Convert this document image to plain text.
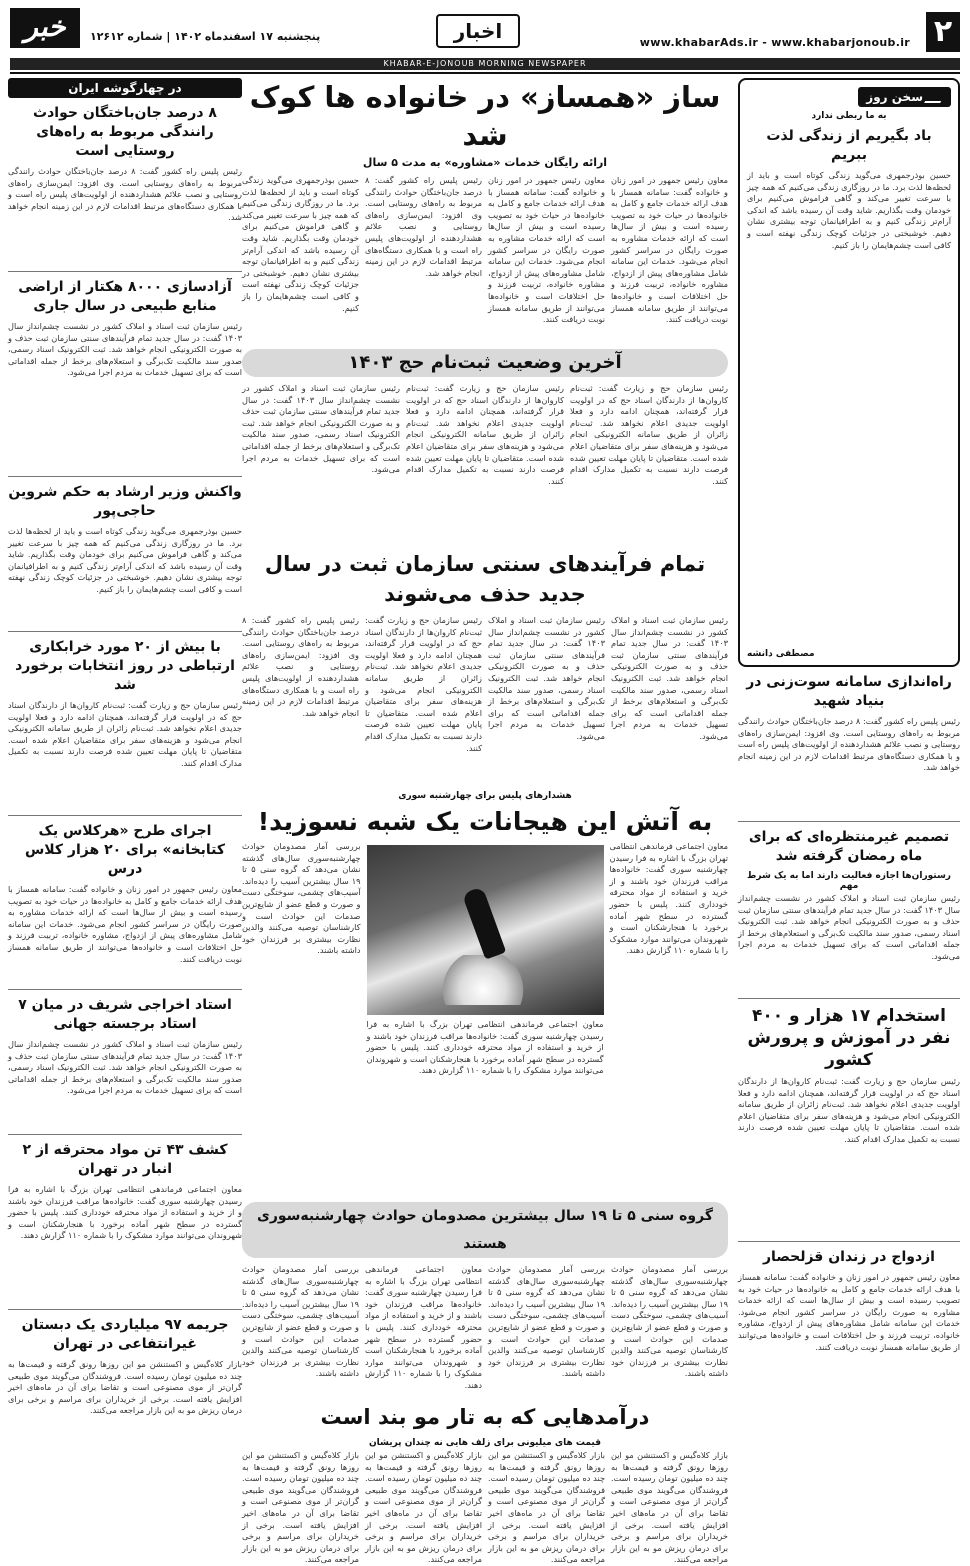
۲
www.khabarAds.ir - www.khabarjonoub.ir
اخبار
پنجشنبه ۱۷ اسفندماه ۱۴۰۲ | شماره ۱۲۶۱۲
خبر
KHABAR-E-JONOUB MORNING NEWSPAPER
سخن روز
به ما ربطی ندارد
باد بگیریم از زندگی لذت ببریم
حسین بوذرجمهری می‌گوید زندگی کوتاه است و باید از لحظه‌ها لذت برد. ما در روزگاری زندگی می‌کنیم که همه چیز با سرعت تغییر می‌کند و گاهی فراموش می‌کنیم برای خودمان وقت بگذاریم. شاید وقت آن رسیده باشد که اندکی آرام‌تر زندگی کنیم و به اطرافیانمان توجه بیشتری نشان دهیم. خوشبختی در جزئیات کوچک زندگی نهفته است و کافی است چشم‌هایمان را باز کنیم.
مصطفی دانشه
راه‌اندازی سامانه سوت‌زنی در بنیاد شهید
رئیس پلیس راه کشور گفت: ۸ درصد جان‌باختگان حوادث رانندگی مربوط به راه‌های روستایی است. وی افزود: ایمن‌سازی راه‌های روستایی و نصب علائم هشداردهنده از اولویت‌های پلیس راه است و با همکاری دستگاه‌های مرتبط اقدامات لازم در این زمینه انجام خواهد شد.
تصمیم غیرمنتظره‌ای که برای ماه رمضان گرفته شد
رستوران‌ها اجازه فعالیت دارند اما به یک شرط مهم
رئیس سازمان ثبت اسناد و املاک کشور در نشست چشم‌انداز سال ۱۴۰۳ گفت: در سال جدید تمام فرآیندهای سنتی سازمان ثبت حذف و به صورت الکترونیکی انجام خواهد شد. ثبت الکترونیک اسناد رسمی، صدور سند مالکیت تک‌برگی و استعلام‌های برخط از جمله اقداماتی است که برای تسهیل خدمات به مردم اجرا می‌شود.
استخدام ۱۷ هزار و ۴۰۰ نفر در آموزش و پرورش کشور
رئیس سازمان حج و زیارت گفت: ثبت‌نام کاروان‌ها از دارندگان اسناد حج که در اولویت قرار گرفته‌اند، همچنان ادامه دارد و فعلا اولویت جدیدی اعلام نخواهد شد. ثبت‌نام زائران از طریق سامانه الکترونیکی انجام می‌شود و هزینه‌های سفر برای متقاضیان اعلام شده است. متقاضیان تا پایان مهلت تعیین شده فرصت دارند نسبت به تکمیل مدارک اقدام کنند.
ازدواج در زندان قزلحصار
معاون رئیس جمهور در امور زنان و خانواده گفت: سامانه همساز با هدف ارائه خدمات جامع و کامل به خانواده‌ها در حیات خود به تصویب رسیده است و بیش از سال‌ها است که ارائه خدمات مشاوره به صورت رایگان در سراسر کشور انجام می‌شود. خدمات این سامانه شامل مشاوره‌های پیش از ازدواج، مشاوره خانواده، تربیت فرزند و حل اختلافات است و خانواده‌ها می‌توانند از طریق سامانه همساز نوبت دریافت کنند.
ساز «همساز» در خانواده ها کوک شد
ارائه رایگان خدمات «مشاوره» به مدت ۵ سال
معاون رئیس جمهور در امور زنان و خانواده گفت: سامانه همساز با هدف ارائه خدمات جامع و کامل به خانواده‌ها در حیات خود به تصویب رسیده است و بیش از سال‌ها است که ارائه خدمات مشاوره به صورت رایگان در سراسر کشور انجام می‌شود. خدمات این سامانه شامل مشاوره‌های پیش از ازدواج، مشاوره خانواده، تربیت فرزند و حل اختلافات است و خانواده‌ها می‌توانند از طریق سامانه همساز نوبت دریافت کنند.
معاون رئیس جمهور در امور زنان و خانواده گفت: سامانه همساز با هدف ارائه خدمات جامع و کامل به خانواده‌ها در حیات خود به تصویب رسیده است و بیش از سال‌ها است که ارائه خدمات مشاوره به صورت رایگان در سراسر کشور انجام می‌شود. خدمات این سامانه شامل مشاوره‌های پیش از ازدواج، مشاوره خانواده، تربیت فرزند و حل اختلافات است و خانواده‌ها می‌توانند از طریق سامانه همساز نوبت دریافت کنند.
رئیس پلیس راه کشور گفت: ۸ درصد جان‌باختگان حوادث رانندگی مربوط به راه‌های روستایی است. وی افزود: ایمن‌سازی راه‌های روستایی و نصب علائم هشداردهنده از اولویت‌های پلیس راه است و با همکاری دستگاه‌های مرتبط اقدامات لازم در این زمینه انجام خواهد شد.
حسین بوذرجمهری می‌گوید زندگی کوتاه است و باید از لحظه‌ها لذت برد. ما در روزگاری زندگی می‌کنیم که همه چیز با سرعت تغییر می‌کند و گاهی فراموش می‌کنیم برای خودمان وقت بگذاریم. شاید وقت آن رسیده باشد که اندکی آرام‌تر زندگی کنیم و به اطرافیانمان توجه بیشتری نشان دهیم. خوشبختی در جزئیات کوچک زندگی نهفته است و کافی است چشم‌هایمان را باز کنیم.
آخرین وضعیت ثبت‌نام حج ۱۴۰۳
رئیس سازمان حج و زیارت گفت: ثبت‌نام کاروان‌ها از دارندگان اسناد حج که در اولویت قرار گرفته‌اند، همچنان ادامه دارد و فعلا اولویت جدیدی اعلام نخواهد شد. ثبت‌نام زائران از طریق سامانه الکترونیکی انجام می‌شود و هزینه‌های سفر برای متقاضیان اعلام شده است. متقاضیان تا پایان مهلت تعیین شده فرصت دارند نسبت به تکمیل مدارک اقدام کنند.
رئیس سازمان حج و زیارت گفت: ثبت‌نام کاروان‌ها از دارندگان اسناد حج که در اولویت قرار گرفته‌اند، همچنان ادامه دارد و فعلا اولویت جدیدی اعلام نخواهد شد. ثبت‌نام زائران از طریق سامانه الکترونیکی انجام می‌شود و هزینه‌های سفر برای متقاضیان اعلام شده است. متقاضیان تا پایان مهلت تعیین شده فرصت دارند نسبت به تکمیل مدارک اقدام کنند.
رئیس سازمان ثبت اسناد و املاک کشور در نشست چشم‌انداز سال ۱۴۰۳ گفت: در سال جدید تمام فرآیندهای سنتی سازمان ثبت حذف و به صورت الکترونیکی انجام خواهد شد. ثبت الکترونیک اسناد رسمی، صدور سند مالکیت تک‌برگی و استعلام‌های برخط از جمله اقداماتی است که برای تسهیل خدمات به مردم اجرا می‌شود.
تمام فرآیندهای سنتی سازمان ثبت در سال جدید حذف می‌شوند
رئیس سازمان ثبت اسناد و املاک کشور در نشست چشم‌انداز سال ۱۴۰۳ گفت: در سال جدید تمام فرآیندهای سنتی سازمان ثبت حذف و به صورت الکترونیکی انجام خواهد شد. ثبت الکترونیک اسناد رسمی، صدور سند مالکیت تک‌برگی و استعلام‌های برخط از جمله اقداماتی است که برای تسهیل خدمات به مردم اجرا می‌شود.
رئیس سازمان ثبت اسناد و املاک کشور در نشست چشم‌انداز سال ۱۴۰۳ گفت: در سال جدید تمام فرآیندهای سنتی سازمان ثبت حذف و به صورت الکترونیکی انجام خواهد شد. ثبت الکترونیک اسناد رسمی، صدور سند مالکیت تک‌برگی و استعلام‌های برخط از جمله اقداماتی است که برای تسهیل خدمات به مردم اجرا می‌شود.
رئیس سازمان حج و زیارت گفت: ثبت‌نام کاروان‌ها از دارندگان اسناد حج که در اولویت قرار گرفته‌اند، همچنان ادامه دارد و فعلا اولویت جدیدی اعلام نخواهد شد. ثبت‌نام زائران از طریق سامانه الکترونیکی انجام می‌شود و هزینه‌های سفر برای متقاضیان اعلام شده است. متقاضیان تا پایان مهلت تعیین شده فرصت دارند نسبت به تکمیل مدارک اقدام کنند.
رئیس پلیس راه کشور گفت: ۸ درصد جان‌باختگان حوادث رانندگی مربوط به راه‌های روستایی است. وی افزود: ایمن‌سازی راه‌های روستایی و نصب علائم هشداردهنده از اولویت‌های پلیس راه است و با همکاری دستگاه‌های مرتبط اقدامات لازم در این زمینه انجام خواهد شد.
هشدارهای پلیس برای چهارشنبه سوری
به آتش این هیجانات یک شبه نسوزید!
معاون اجتماعی فرماندهی انتظامی تهران بزرگ با اشاره به فرا رسیدن چهارشنبه سوری گفت: خانواده‌ها مراقب فرزندان خود باشند و از خرید و استفاده از مواد محترقه خودداری کنند. پلیس با حضور گسترده در سطح شهر آماده برخورد با هنجارشکنان است و شهروندان می‌توانند موارد مشکوک را با شماره ۱۱۰ گزارش دهند.
معاون اجتماعی فرماندهی انتظامی تهران بزرگ با اشاره به فرا رسیدن چهارشنبه سوری گفت: خانواده‌ها مراقب فرزندان خود باشند و از خرید و استفاده از مواد محترقه خودداری کنند. پلیس با حضور گسترده در سطح شهر آماده برخورد با هنجارشکنان است و شهروندان می‌توانند موارد مشکوک را با شماره ۱۱۰ گزارش دهند.
بررسی آمار مصدومان حوادث چهارشنبه‌سوری سال‌های گذشته نشان می‌دهد که گروه سنی ۵ تا ۱۹ سال بیشترین آسیب را دیده‌اند. آسیب‌های چشمی، سوختگی دست و صورت و قطع عضو از شایع‌ترین صدمات این حوادث است و کارشناسان توصیه می‌کنند والدین نظارت بیشتری بر فرزندان خود داشته باشند.
گروه سنی ۵ تا ۱۹ سال بیشترین مصدومان حوادث چهارشنبه‌سوری هستند
بررسی آمار مصدومان حوادث چهارشنبه‌سوری سال‌های گذشته نشان می‌دهد که گروه سنی ۵ تا ۱۹ سال بیشترین آسیب را دیده‌اند. آسیب‌های چشمی، سوختگی دست و صورت و قطع عضو از شایع‌ترین صدمات این حوادث است و کارشناسان توصیه می‌کنند والدین نظارت بیشتری بر فرزندان خود داشته باشند.
بررسی آمار مصدومان حوادث چهارشنبه‌سوری سال‌های گذشته نشان می‌دهد که گروه سنی ۵ تا ۱۹ سال بیشترین آسیب را دیده‌اند. آسیب‌های چشمی، سوختگی دست و صورت و قطع عضو از شایع‌ترین صدمات این حوادث است و کارشناسان توصیه می‌کنند والدین نظارت بیشتری بر فرزندان خود داشته باشند.
معاون اجتماعی فرماندهی انتظامی تهران بزرگ با اشاره به فرا رسیدن چهارشنبه سوری گفت: خانواده‌ها مراقب فرزندان خود باشند و از خرید و استفاده از مواد محترقه خودداری کنند. پلیس با حضور گسترده در سطح شهر آماده برخورد با هنجارشکنان است و شهروندان می‌توانند موارد مشکوک را با شماره ۱۱۰ گزارش دهند.
بررسی آمار مصدومان حوادث چهارشنبه‌سوری سال‌های گذشته نشان می‌دهد که گروه سنی ۵ تا ۱۹ سال بیشترین آسیب را دیده‌اند. آسیب‌های چشمی، سوختگی دست و صورت و قطع عضو از شایع‌ترین صدمات این حوادث است و کارشناسان توصیه می‌کنند والدین نظارت بیشتری بر فرزندان خود داشته باشند.
درآمدهایی که به تار مو بند است
قیمت های میلیونی برای زلف هایی نه چندان پریشان
بازار کلاه‌گیس و اکستنشن مو این روزها رونق گرفته و قیمت‌ها به چند ده میلیون تومان رسیده است. فروشندگان می‌گویند موی طبیعی گران‌تر از موی مصنوعی است و تقاضا برای آن در ماه‌های اخیر افزایش یافته است. برخی از خریداران برای مراسم و برخی برای درمان ریزش مو به این بازار مراجعه می‌کنند.
بازار کلاه‌گیس و اکستنشن مو این روزها رونق گرفته و قیمت‌ها به چند ده میلیون تومان رسیده است. فروشندگان می‌گویند موی طبیعی گران‌تر از موی مصنوعی است و تقاضا برای آن در ماه‌های اخیر افزایش یافته است. برخی از خریداران برای مراسم و برخی برای درمان ریزش مو به این بازار مراجعه می‌کنند.
بازار کلاه‌گیس و اکستنشن مو این روزها رونق گرفته و قیمت‌ها به چند ده میلیون تومان رسیده است. فروشندگان می‌گویند موی طبیعی گران‌تر از موی مصنوعی است و تقاضا برای آن در ماه‌های اخیر افزایش یافته است. برخی از خریداران برای مراسم و برخی برای درمان ریزش مو به این بازار مراجعه می‌کنند.
بازار کلاه‌گیس و اکستنشن مو این روزها رونق گرفته و قیمت‌ها به چند ده میلیون تومان رسیده است. فروشندگان می‌گویند موی طبیعی گران‌تر از موی مصنوعی است و تقاضا برای آن در ماه‌های اخیر افزایش یافته است. برخی از خریداران برای مراسم و برخی برای درمان ریزش مو به این بازار مراجعه می‌کنند.
در چهارگوشه ایران
۸ درصد جان‌باختگان حوادث رانندگی مربوط به راه‌های روستایی است
رئیس پلیس راه کشور گفت: ۸ درصد جان‌باختگان حوادث رانندگی مربوط به راه‌های روستایی است. وی افزود: ایمن‌سازی راه‌های روستایی و نصب علائم هشداردهنده از اولویت‌های پلیس راه است و با همکاری دستگاه‌های مرتبط اقدامات لازم در این زمینه انجام خواهد شد.
آزادسازی ۸۰۰۰ هکتار از اراضی منابع طبیعی در سال جاری
رئیس سازمان ثبت اسناد و املاک کشور در نشست چشم‌انداز سال ۱۴۰۳ گفت: در سال جدید تمام فرآیندهای سنتی سازمان ثبت حذف و به صورت الکترونیکی انجام خواهد شد. ثبت الکترونیک اسناد رسمی، صدور سند مالکیت تک‌برگی و استعلام‌های برخط از جمله اقداماتی است که برای تسهیل خدمات به مردم اجرا می‌شود.
واکنش وزیر ارشاد به حکم شروین حاجی‌پور
حسین بوذرجمهری می‌گوید زندگی کوتاه است و باید از لحظه‌ها لذت برد. ما در روزگاری زندگی می‌کنیم که همه چیز با سرعت تغییر می‌کند و گاهی فراموش می‌کنیم برای خودمان وقت بگذاریم. شاید وقت آن رسیده باشد که اندکی آرام‌تر زندگی کنیم و به اطرافیانمان توجه بیشتری نشان دهیم. خوشبختی در جزئیات کوچک زندگی نهفته است و کافی است چشم‌هایمان را باز کنیم.
با بیش از ۲۰ مورد خرابکاری ارتباطی در روز انتخابات برخورد شد
رئیس سازمان حج و زیارت گفت: ثبت‌نام کاروان‌ها از دارندگان اسناد حج که در اولویت قرار گرفته‌اند، همچنان ادامه دارد و فعلا اولویت جدیدی اعلام نخواهد شد. ثبت‌نام زائران از طریق سامانه الکترونیکی انجام می‌شود و هزینه‌های سفر برای متقاضیان اعلام شده است. متقاضیان تا پایان مهلت تعیین شده فرصت دارند نسبت به تکمیل مدارک اقدام کنند.
اجرای طرح «هرکلاس یک کتابخانه» برای ۲۰ هزار کلاس درس
معاون رئیس جمهور در امور زنان و خانواده گفت: سامانه همساز با هدف ارائه خدمات جامع و کامل به خانواده‌ها در حیات خود به تصویب رسیده است و بیش از سال‌ها است که ارائه خدمات مشاوره به صورت رایگان در سراسر کشور انجام می‌شود. خدمات این سامانه شامل مشاوره‌های پیش از ازدواج، مشاوره خانواده، تربیت فرزند و حل اختلافات است و خانواده‌ها می‌توانند از طریق سامانه همساز نوبت دریافت کنند.
استاد اخراجی شریف در میان ۷ استاد برجسته جهانی
رئیس سازمان ثبت اسناد و املاک کشور در نشست چشم‌انداز سال ۱۴۰۳ گفت: در سال جدید تمام فرآیندهای سنتی سازمان ثبت حذف و به صورت الکترونیکی انجام خواهد شد. ثبت الکترونیک اسناد رسمی، صدور سند مالکیت تک‌برگی و استعلام‌های برخط از جمله اقداماتی است که برای تسهیل خدمات به مردم اجرا می‌شود.
کشف ۴۳ تن مواد محترقه از ۲ انبار در تهران
معاون اجتماعی فرماندهی انتظامی تهران بزرگ با اشاره به فرا رسیدن چهارشنبه سوری گفت: خانواده‌ها مراقب فرزندان خود باشند و از خرید و استفاده از مواد محترقه خودداری کنند. پلیس با حضور گسترده در سطح شهر آماده برخورد با هنجارشکنان است و شهروندان می‌توانند موارد مشکوک را با شماره ۱۱۰ گزارش دهند.
جریمه ۹۷ میلیاردی یک دبستان غیرانتفاعی در تهران
بازار کلاه‌گیس و اکستنشن مو این روزها رونق گرفته و قیمت‌ها به چند ده میلیون تومان رسیده است. فروشندگان می‌گویند موی طبیعی گران‌تر از موی مصنوعی است و تقاضا برای آن در ماه‌های اخیر افزایش یافته است. برخی از خریداران برای مراسم و برخی برای درمان ریزش مو به این بازار مراجعه می‌کنند.
